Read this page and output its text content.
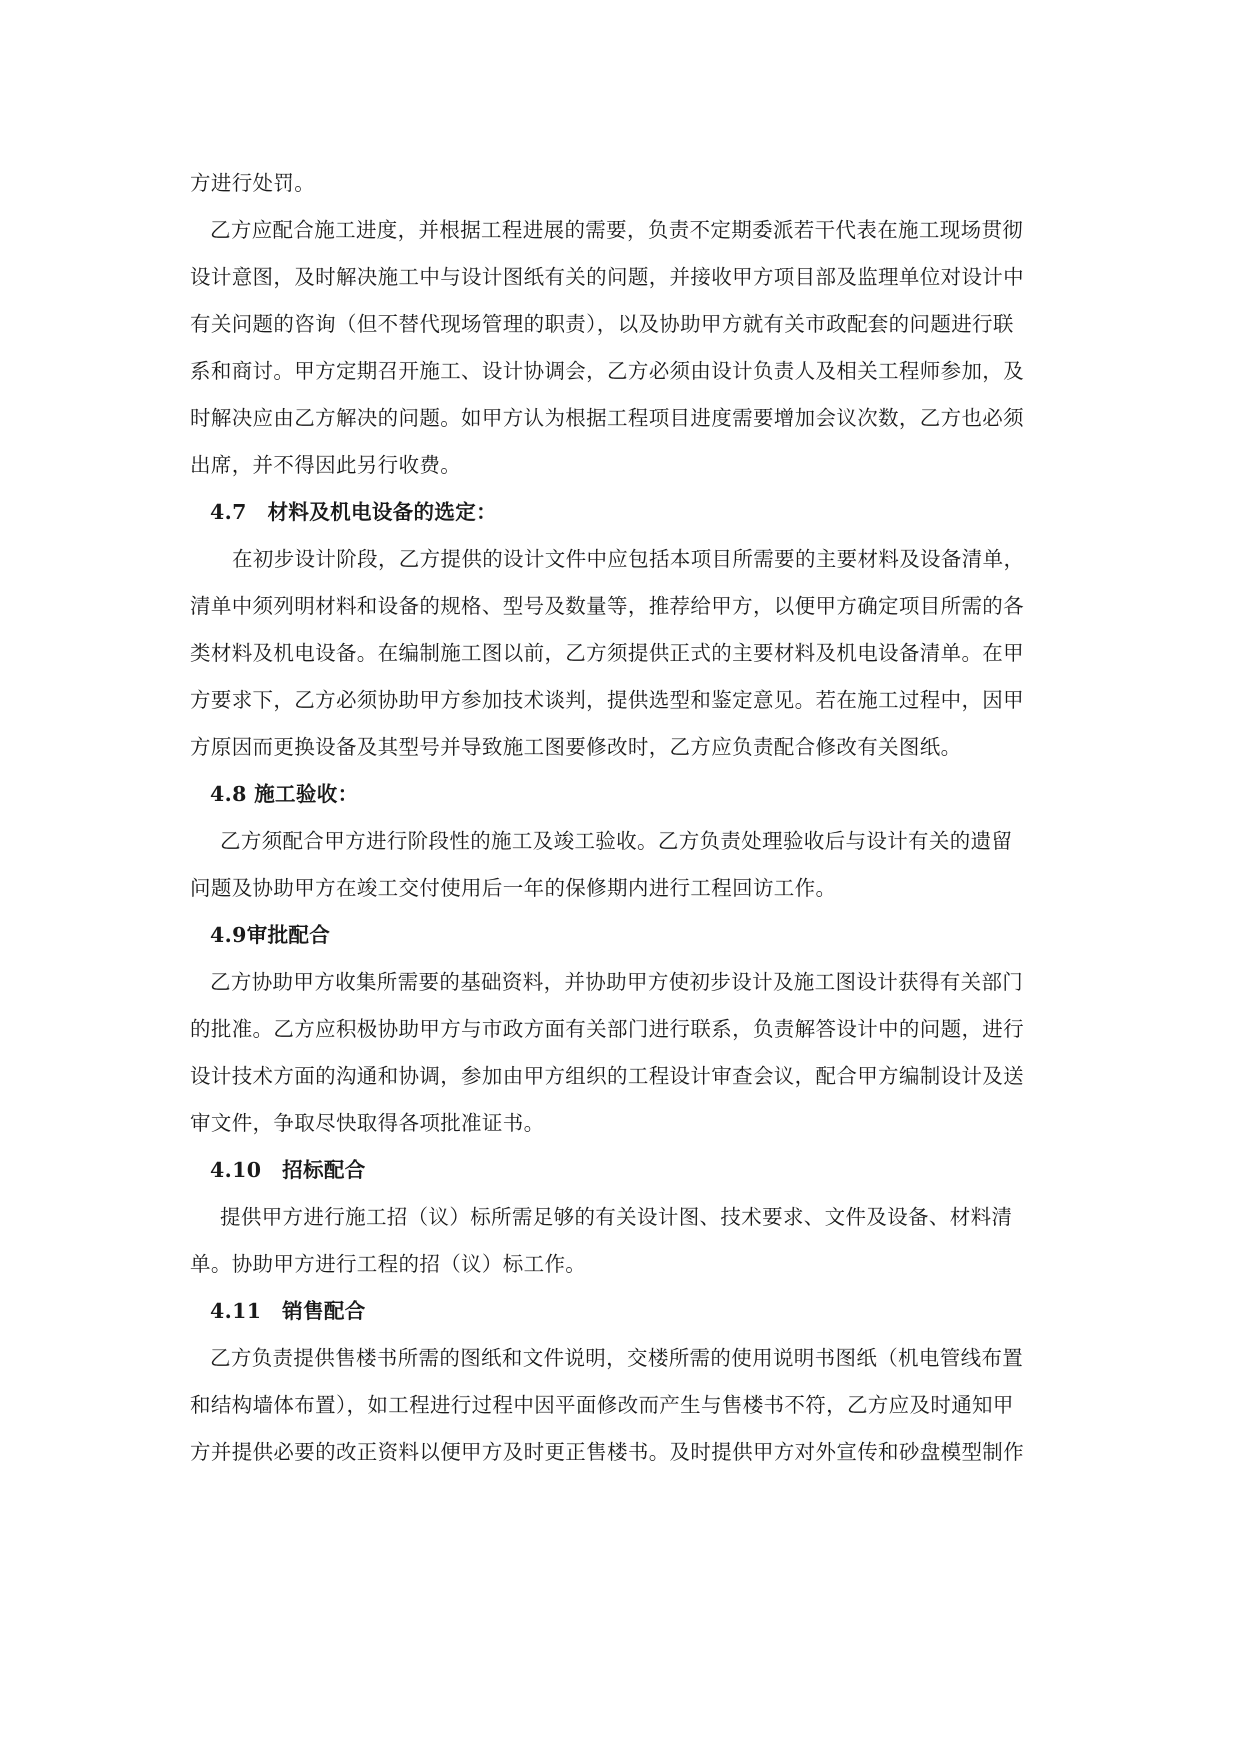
方进行处罚。

乙方应配合施工进度，并根据工程进展的需要，负责不定期委派若干代表在施工现场贯彻

设计意图，及时解决施工中与设计图纸有关的问题，并接收甲方项目部及监理单位对设计中

有关问题的咨询（但不替代现场管理的职责），以及协助甲方就有关市政配套的问题进行联

系和商讨。甲方定期召开施工、设计协调会，乙方必须由设计负责人及相关工程师参加，及

时解决应由乙方解决的问题。如甲方认为根据工程项目进度需要增加会议次数，乙方也必须

出席，并不得因此另行收费。

4.7　材料及机电设备的选定：

在初步设计阶段，乙方提供的设计文件中应包括本项目所需要的主要材料及设备清单，

清单中须列明材料和设备的规格、型号及数量等，推荐给甲方，以便甲方确定项目所需的各

类材料及机电设备。在编制施工图以前，乙方须提供正式的主要材料及机电设备清单。在甲

方要求下，乙方必须协助甲方参加技术谈判，提供选型和鉴定意见。若在施工过程中，因甲

方原因而更换设备及其型号并导致施工图要修改时，乙方应负责配合修改有关图纸。

4.8 施工验收：

乙方须配合甲方进行阶段性的施工及竣工验收。乙方负责处理验收后与设计有关的遗留

问题及协助甲方在竣工交付使用后一年的保修期内进行工程回访工作。

4.9审批配合

乙方协助甲方收集所需要的基础资料，并协助甲方使初步设计及施工图设计获得有关部门

的批准。乙方应积极协助甲方与市政方面有关部门进行联系，负责解答设计中的问题，进行

设计技术方面的沟通和协调，参加由甲方组织的工程设计审查会议，配合甲方编制设计及送

审文件，争取尽快取得各项批准证书。

4.10　招标配合

提供甲方进行施工招（议）标所需足够的有关设计图、技术要求、文件及设备、材料清

单。协助甲方进行工程的招（议）标工作。

4.11　销售配合

乙方负责提供售楼书所需的图纸和文件说明，交楼所需的使用说明书图纸（机电管线布置

和结构墙体布置），如工程进行过程中因平面修改而产生与售楼书不符，乙方应及时通知甲

方并提供必要的改正资料以便甲方及时更正售楼书。及时提供甲方对外宣传和砂盘模型制作
